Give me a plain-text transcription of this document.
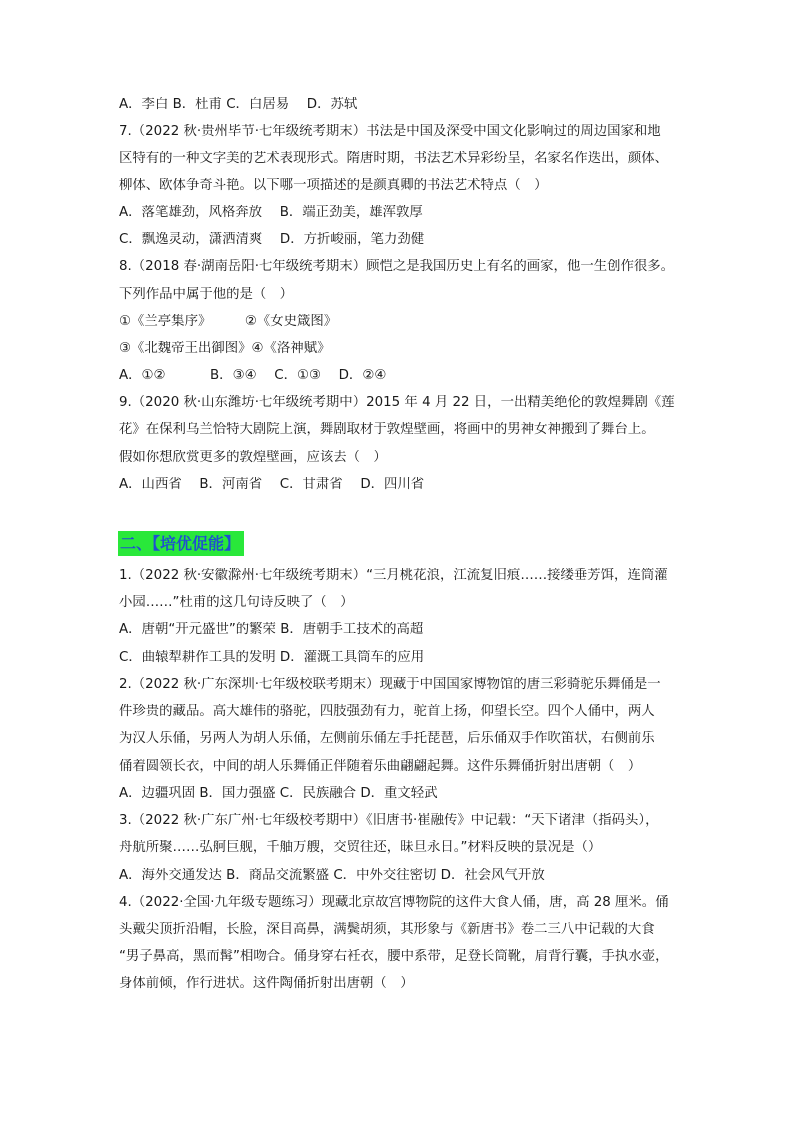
A．李白 B．杜甫 C．白居易　 D．苏轼
7.（2022 秋·贵州毕节·七年级统考期末）书法是中国及深受中国文化影响过的周边国家和地
区特有的一种文字美的艺术表现形式。隋唐时期，书法艺术异彩纷呈，名家名作迭出，颜体、
柳体、欧体争奇斗艳。以下哪一项描述的是颜真卿的书法艺术特点（　）
A．落笔雄劲，风格奔放　 B．端正劲美，雄浑敦厚
C．飘逸灵动，潇洒清爽　 D．方折峻丽，笔力劲健
8.（2018 春·湖南岳阳·七年级统考期末）顾恺之是我国历史上有名的画家，他一生创作很多。
下列作品中属于他的是（　）
①《兰亭集序》　　　②《女史箴图》
③《北魏帝王出御图》④《洛神赋》
A．①②　　　 B．③④　 C．①③　 D．②④
9.（2020 秋·山东潍坊·七年级统考期中）2015 年 4 月 22 日，一出精美绝伦的敦煌舞剧《莲
花》在保利乌兰恰特大剧院上演，舞剧取材于敦煌壁画，将画中的男神女神搬到了舞台上。
假如你想欣赏更多的敦煌壁画，应该去（　）
A．山西省　 B．河南省　 C．甘肃省　 D．四川省
二、【培优促能】
1.（2022 秋·安徽滁州·七年级统考期末）“三月桃花浪，江流复旧痕……接缕垂芳饵，连筒灌
小园……”杜甫的这几句诗反映了（　）
A．唐朝“开元盛世”的繁荣 B．唐朝手工技术的高超
C．曲辕犁耕作工具的发明 D．灌溉工具筒车的应用
2.（2022 秋·广东深圳·七年级校联考期末）现藏于中国国家博物馆的唐三彩骑驼乐舞俑是一
件珍贵的藏品。高大雄伟的骆驼，四肢强劲有力，驼首上扬，仰望长空。四个人俑中，两人
为汉人乐俑，另两人为胡人乐俑，左侧前乐俑左手托琵琶，后乐俑双手作吹笛状，右侧前乐
俑着圆领长衣，中间的胡人乐舞俑正伴随着乐曲翩翩起舞。这件乐舞俑折射出唐朝（　）
A．边疆巩固 B．国力强盛 C．民族融合 D．重文轻武
3.（2022 秋·广东广州·七年级校考期中）《旧唐书·崔融传》中记载：“天下诸津（指码头），
舟航所聚……弘舸巨舰，千舳万艘，交贸往还，昧旦永日。”材料反映的景况是（）
A．海外交通发达 B．商品交流繁盛 C．中外交往密切 D．社会风气开放
4.（2022·全国·九年级专题练习）现藏北京故宫博物院的这件大食人俑，唐，高 28 厘米。俑
头戴尖顶折沿帽，长脸，深目高鼻，满鬓胡须，其形象与《新唐书》卷二三八中记载的大食
“男子鼻高，黑而髯”相吻合。俑身穿右衽衣，腰中系带，足登长筒靴，肩背行囊，手执水壶，
身体前倾，作行进状。这件陶俑折射出唐朝（　）
